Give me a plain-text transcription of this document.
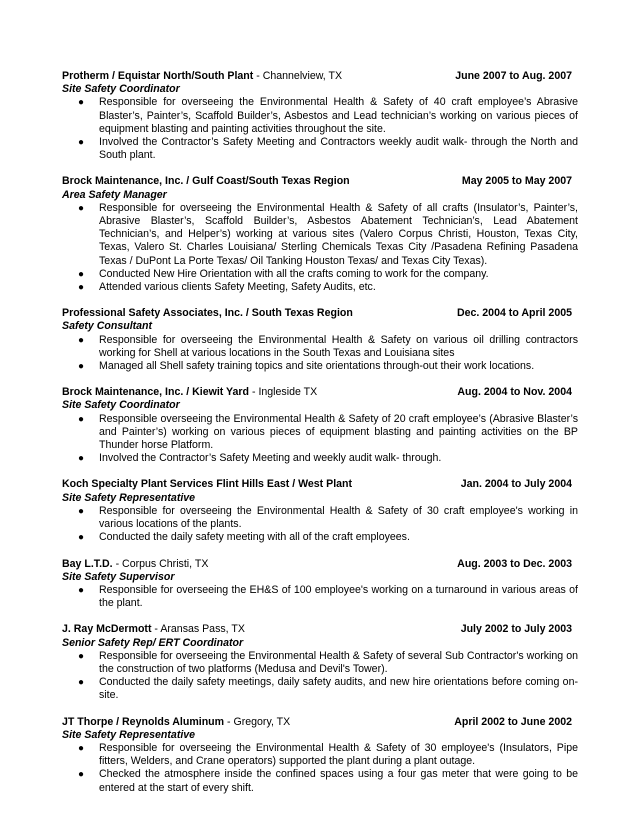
Protherm / Equistar North/South Plant - Channelview, TX	June 2007 to Aug. 2007
Site Safety Coordinator
● Responsible for overseeing the Environmental Health & Safety of 40 craft employee’s Abrasive Blaster’s, Painter’s, Scaffold Builder’s, Asbestos and Lead technician’s working on various pieces of equipment blasting and painting activities throughout the site.
● Involved the Contractor’s Safety Meeting and Contractors weekly audit walk- through the North and South plant.
Brock Maintenance, Inc. / Gulf Coast/South Texas Region	May 2005 to May 2007
Area Safety Manager
● Responsible for overseeing the Environmental Health & Safety of all crafts (Insulator’s, Painter’s, Abrasive Blaster’s, Scaffold Builder’s, Asbestos Abatement Technician’s, Lead Abatement Technician’s, and Helper’s) working at various sites (Valero Corpus Christi, Houston, Texas City, Texas, Valero St. Charles Louisiana/ Sterling Chemicals Texas City /Pasadena Refining Pasadena Texas / DuPont La Porte Texas/ Oil Tanking Houston Texas/ and Texas City Texas).
● Conducted New Hire Orientation with all the crafts coming to work for the company.
● Attended various clients Safety Meeting, Safety Audits, etc.
Professional Safety Associates, Inc. / South Texas Region	Dec. 2004 to April 2005
Safety Consultant
● Responsible for overseeing the Environmental Health & Safety on various oil drilling contractors working for Shell at various locations in the South Texas and Louisiana sites
● Managed all Shell safety training topics and site orientations through-out their work locations.
Brock Maintenance, Inc. / Kiewit Yard - Ingleside TX	Aug. 2004 to Nov. 2004
Site Safety Coordinator
● Responsible overseeing the Environmental Health & Safety of 20 craft employee’s (Abrasive Blaster’s and Painter’s) working on various pieces of equipment blasting and painting activities on the BP Thunder horse Platform.
● Involved the Contractor’s Safety Meeting and weekly audit walk- through.
Koch Specialty Plant Services Flint Hills East / West Plant	Jan. 2004 to July 2004
Site Safety Representative
● Responsible for overseeing the Environmental Health & Safety of 30 craft employee's working in various locations of the plants.
● Conducted the daily safety meeting with all of the craft employees.
Bay L.T.D. - Corpus Christi, TX	Aug. 2003 to Dec. 2003
Site Safety Supervisor
● Responsible for overseeing the EH&S of 100 employee's working on a turnaround in various areas of the plant.
J. Ray McDermott - Aransas Pass, TX	July 2002 to July 2003
Senior Safety Rep/ ERT Coordinator
● Responsible for overseeing the Environmental Health & Safety of several Sub Contractor's working on the construction of two platforms (Medusa and Devil's Tower).
● Conducted the daily safety meetings, daily safety audits, and new hire orientations before coming on-site.
JT Thorpe / Reynolds Aluminum - Gregory, TX	April 2002 to June 2002
Site Safety Representative
● Responsible for overseeing the Environmental Health & Safety of 30 employee's (Insulators, Pipe fitters, Welders, and Crane operators) supported the plant during a plant outage.
● Checked the atmosphere inside the confined spaces using a four gas meter that were going to be entered at the start of every shift.
